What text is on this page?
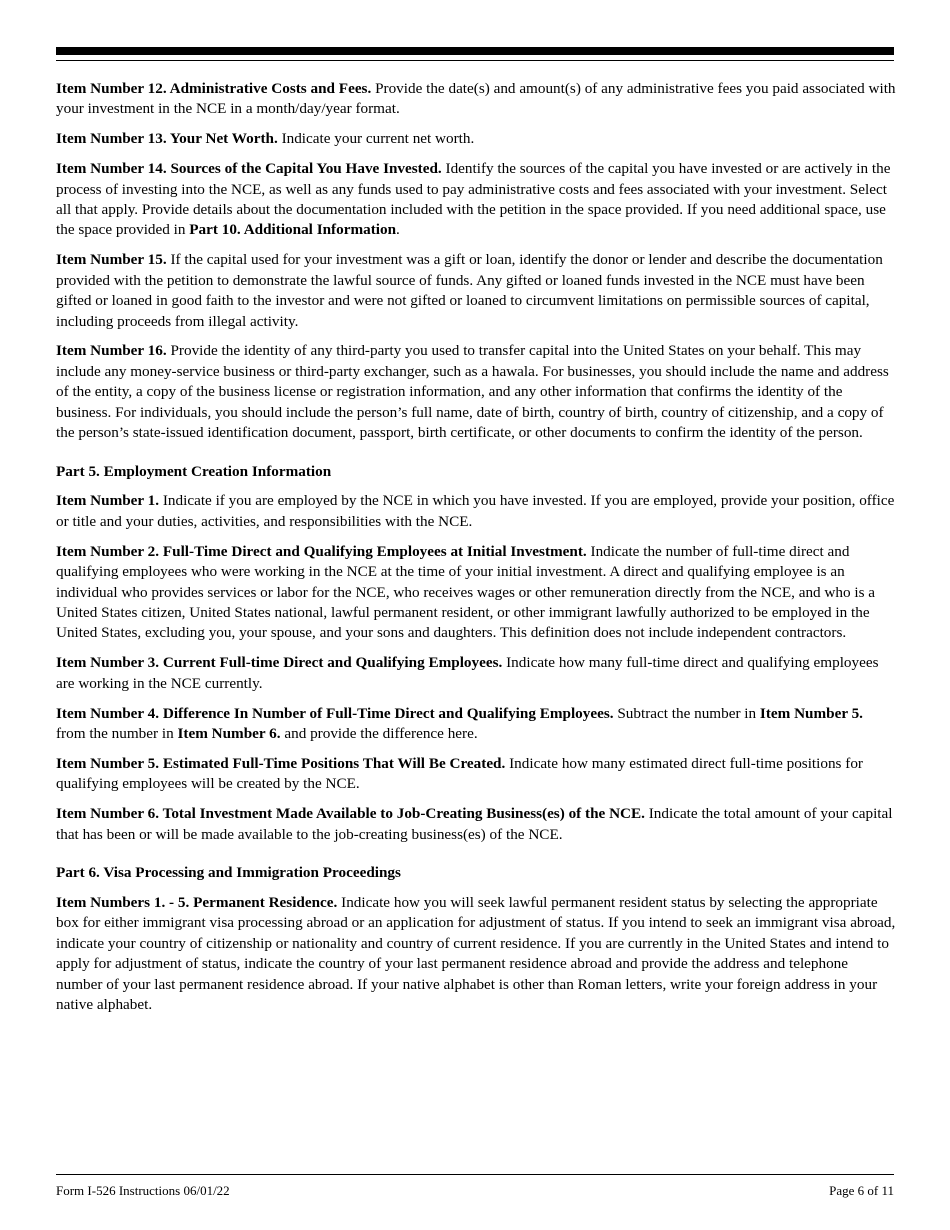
Item Number 12. Administrative Costs and Fees. Provide the date(s) and amount(s) of any administrative fees you paid associated with your investment in the NCE in a month/day/year format.

Item Number 13. Your Net Worth. Indicate your current net worth.

Item Number 14. Sources of the Capital You Have Invested. Identify the sources of the capital you have invested or are actively in the process of investing into the NCE, as well as any funds used to pay administrative costs and fees associated with your investment. Select all that apply. Provide details about the documentation included with the petition in the space provided. If you need additional space, use the space provided in Part 10. Additional Information.

Item Number 15. If the capital used for your investment was a gift or loan, identify the donor or lender and describe the documentation provided with the petition to demonstrate the lawful source of funds. Any gifted or loaned funds invested in the NCE must have been gifted or loaned in good faith to the investor and were not gifted or loaned to circumvent limitations on permissible sources of capital, including proceeds from illegal activity.

Item Number 16. Provide the identity of any third-party you used to transfer capital into the United States on your behalf. This may include any money-service business or third-party exchanger, such as a hawala. For businesses, you should include the name and address of the entity, a copy of the business license or registration information, and any other information that confirms the identity of the business. For individuals, you should include the person’s full name, date of birth, country of birth, country of citizenship, and a copy of the person’s state-issued identification document, passport, birth certificate, or other documents to confirm the identity of the person.

Part 5. Employment Creation Information

Item Number 1. Indicate if you are employed by the NCE in which you have invested. If you are employed, provide your position, office or title and your duties, activities, and responsibilities with the NCE.

Item Number 2. Full-Time Direct and Qualifying Employees at Initial Investment. Indicate the number of full-time direct and qualifying employees who were working in the NCE at the time of your initial investment. A direct and qualifying employee is an individual who provides services or labor for the NCE, who receives wages or other remuneration directly from the NCE, and who is a United States citizen, United States national, lawful permanent resident, or other immigrant lawfully authorized to be employed in the United States, excluding you, your spouse, and your sons and daughters. This definition does not include independent contractors.

Item Number 3. Current Full-time Direct and Qualifying Employees. Indicate how many full-time direct and qualifying employees are working in the NCE currently.

Item Number 4. Difference In Number of Full-Time Direct and Qualifying Employees. Subtract the number in Item Number 5. from the number in Item Number 6. and provide the difference here.

Item Number 5. Estimated Full-Time Positions That Will Be Created. Indicate how many estimated direct full-time positions for qualifying employees will be created by the NCE.

Item Number 6. Total Investment Made Available to Job-Creating Business(es) of the NCE. Indicate the total amount of your capital that has been or will be made available to the job-creating business(es) of the NCE.

Part 6. Visa Processing and Immigration Proceedings

Item Numbers 1. - 5. Permanent Residence. Indicate how you will seek lawful permanent resident status by selecting the appropriate box for either immigrant visa processing abroad or an application for adjustment of status. If you intend to seek an immigrant visa abroad, indicate your country of citizenship or nationality and country of current residence. If you are currently in the United States and intend to apply for adjustment of status, indicate the country of your last permanent residence abroad and provide the address and telephone number of your last permanent residence abroad. If your native alphabet is other than Roman letters, write your foreign address in your native alphabet.

Form I-526 Instructions 06/01/22	Page 6 of 11
